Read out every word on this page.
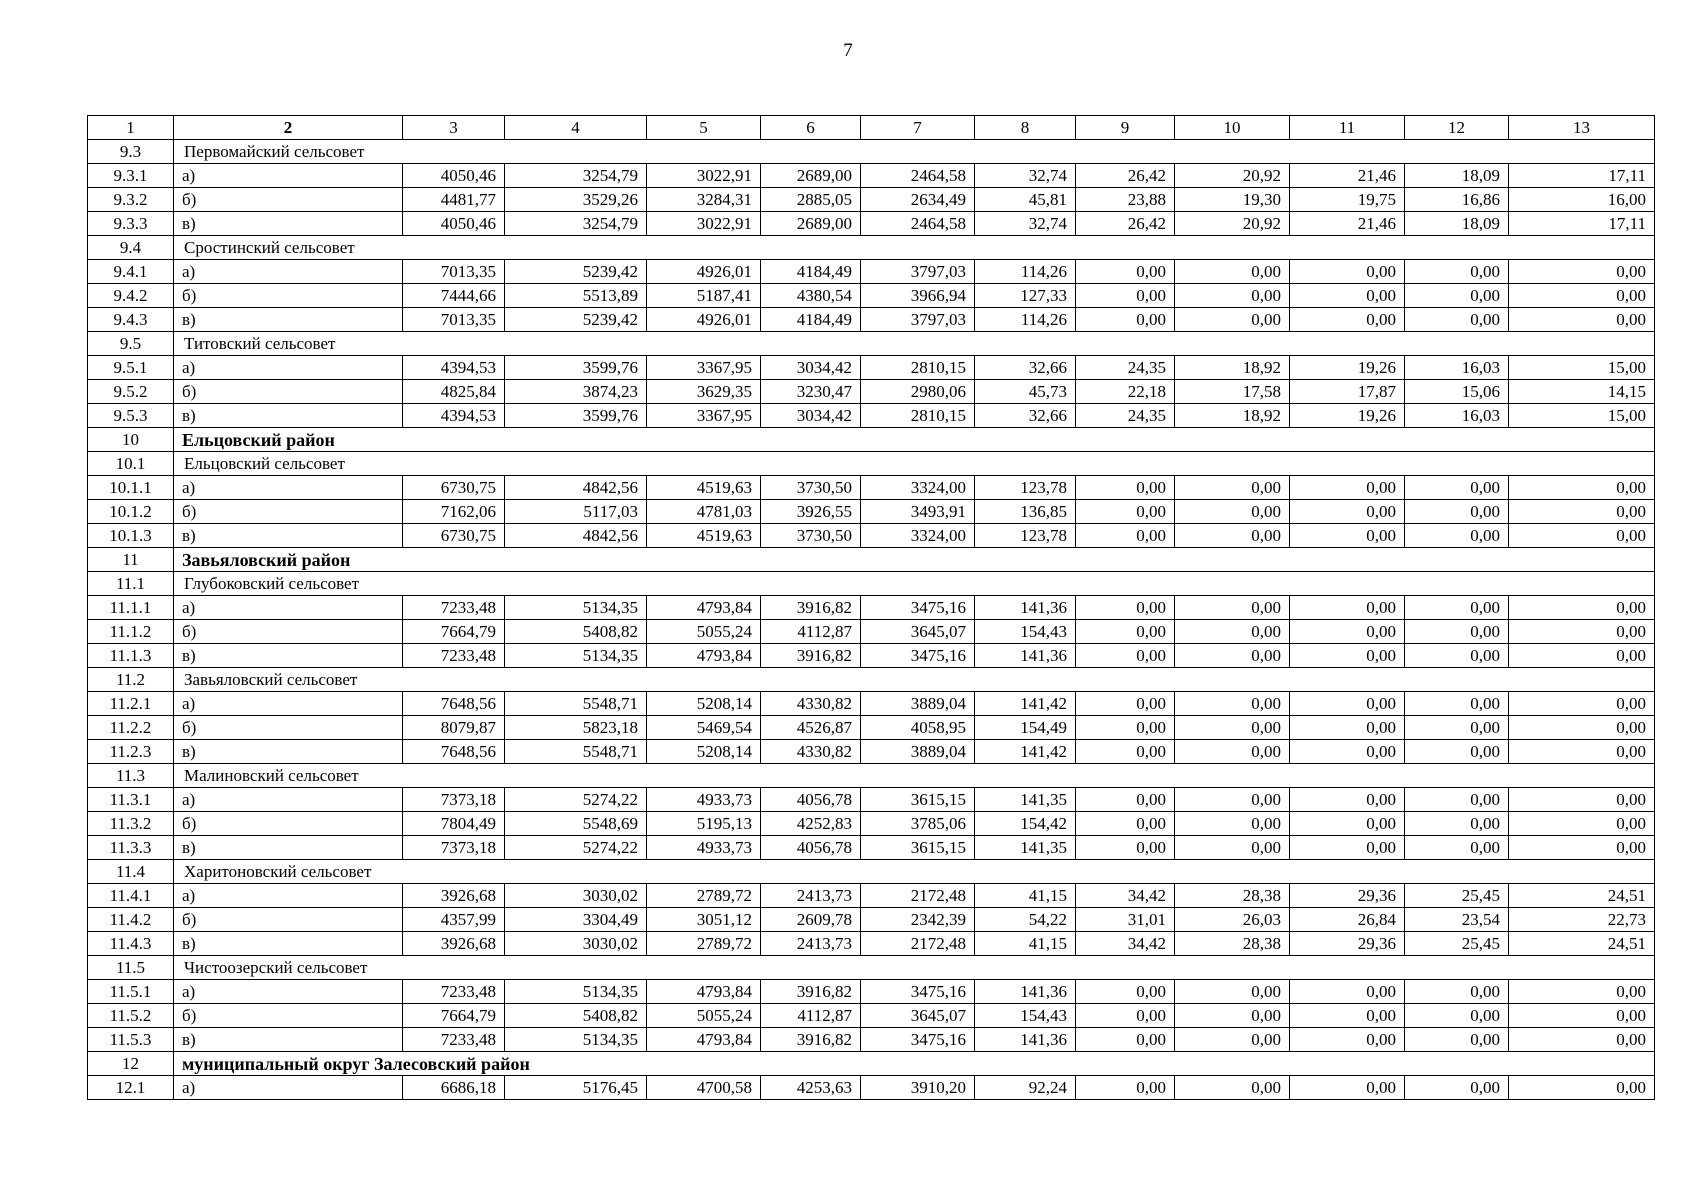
7
1	2	3	4	5	6	7	8	9	10	11	12	13
9.3	Первомайский сельсовет											
9.3.1	а)	4050,46	3254,79	3022,91	2689,00	2464,58	32,74	26,42	20,92	21,46	18,09	17,11
9.3.2	б)	4481,77	3529,26	3284,31	2885,05	2634,49	45,81	23,88	19,30	19,75	16,86	16,00
9.3.3	в)	4050,46	3254,79	3022,91	2689,00	2464,58	32,74	26,42	20,92	21,46	18,09	17,11
9.4	Сростинский сельсовет											
9.4.1	а)	7013,35	5239,42	4926,01	4184,49	3797,03	114,26	0,00	0,00	0,00	0,00	0,00
9.4.2	б)	7444,66	5513,89	5187,41	4380,54	3966,94	127,33	0,00	0,00	0,00	0,00	0,00
9.4.3	в)	7013,35	5239,42	4926,01	4184,49	3797,03	114,26	0,00	0,00	0,00	0,00	0,00
9.5	Титовский сельсовет											
9.5.1	а)	4394,53	3599,76	3367,95	3034,42	2810,15	32,66	24,35	18,92	19,26	16,03	15,00
9.5.2	б)	4825,84	3874,23	3629,35	3230,47	2980,06	45,73	22,18	17,58	17,87	15,06	14,15
9.5.3	в)	4394,53	3599,76	3367,95	3034,42	2810,15	32,66	24,35	18,92	19,26	16,03	15,00
10	Ельцовский район											
10.1	Ельцовский сельсовет											
10.1.1	а)	6730,75	4842,56	4519,63	3730,50	3324,00	123,78	0,00	0,00	0,00	0,00	0,00
10.1.2	б)	7162,06	5117,03	4781,03	3926,55	3493,91	136,85	0,00	0,00	0,00	0,00	0,00
10.1.3	в)	6730,75	4842,56	4519,63	3730,50	3324,00	123,78	0,00	0,00	0,00	0,00	0,00
11	Завьяловский район											
11.1	Глубоковский сельсовет											
11.1.1	а)	7233,48	5134,35	4793,84	3916,82	3475,16	141,36	0,00	0,00	0,00	0,00	0,00
11.1.2	б)	7664,79	5408,82	5055,24	4112,87	3645,07	154,43	0,00	0,00	0,00	0,00	0,00
11.1.3	в)	7233,48	5134,35	4793,84	3916,82	3475,16	141,36	0,00	0,00	0,00	0,00	0,00
11.2	Завьяловский сельсовет											
11.2.1	а)	7648,56	5548,71	5208,14	4330,82	3889,04	141,42	0,00	0,00	0,00	0,00	0,00
11.2.2	б)	8079,87	5823,18	5469,54	4526,87	4058,95	154,49	0,00	0,00	0,00	0,00	0,00
11.2.3	в)	7648,56	5548,71	5208,14	4330,82	3889,04	141,42	0,00	0,00	0,00	0,00	0,00
11.3	Малиновский сельсовет											
11.3.1	а)	7373,18	5274,22	4933,73	4056,78	3615,15	141,35	0,00	0,00	0,00	0,00	0,00
11.3.2	б)	7804,49	5548,69	5195,13	4252,83	3785,06	154,42	0,00	0,00	0,00	0,00	0,00
11.3.3	в)	7373,18	5274,22	4933,73	4056,78	3615,15	141,35	0,00	0,00	0,00	0,00	0,00
11.4	Харитоновский сельсовет											
11.4.1	а)	3926,68	3030,02	2789,72	2413,73	2172,48	41,15	34,42	28,38	29,36	25,45	24,51
11.4.2	б)	4357,99	3304,49	3051,12	2609,78	2342,39	54,22	31,01	26,03	26,84	23,54	22,73
11.4.3	в)	3926,68	3030,02	2789,72	2413,73	2172,48	41,15	34,42	28,38	29,36	25,45	24,51
11.5	Чистоозерский сельсовет											
11.5.1	а)	7233,48	5134,35	4793,84	3916,82	3475,16	141,36	0,00	0,00	0,00	0,00	0,00
11.5.2	б)	7664,79	5408,82	5055,24	4112,87	3645,07	154,43	0,00	0,00	0,00	0,00	0,00
11.5.3	в)	7233,48	5134,35	4793,84	3916,82	3475,16	141,36	0,00	0,00	0,00	0,00	0,00
12	муниципальный округ Залесовский район											
12.1	а)	6686,18	5176,45	4700,58	4253,63	3910,20	92,24	0,00	0,00	0,00	0,00	0,00
